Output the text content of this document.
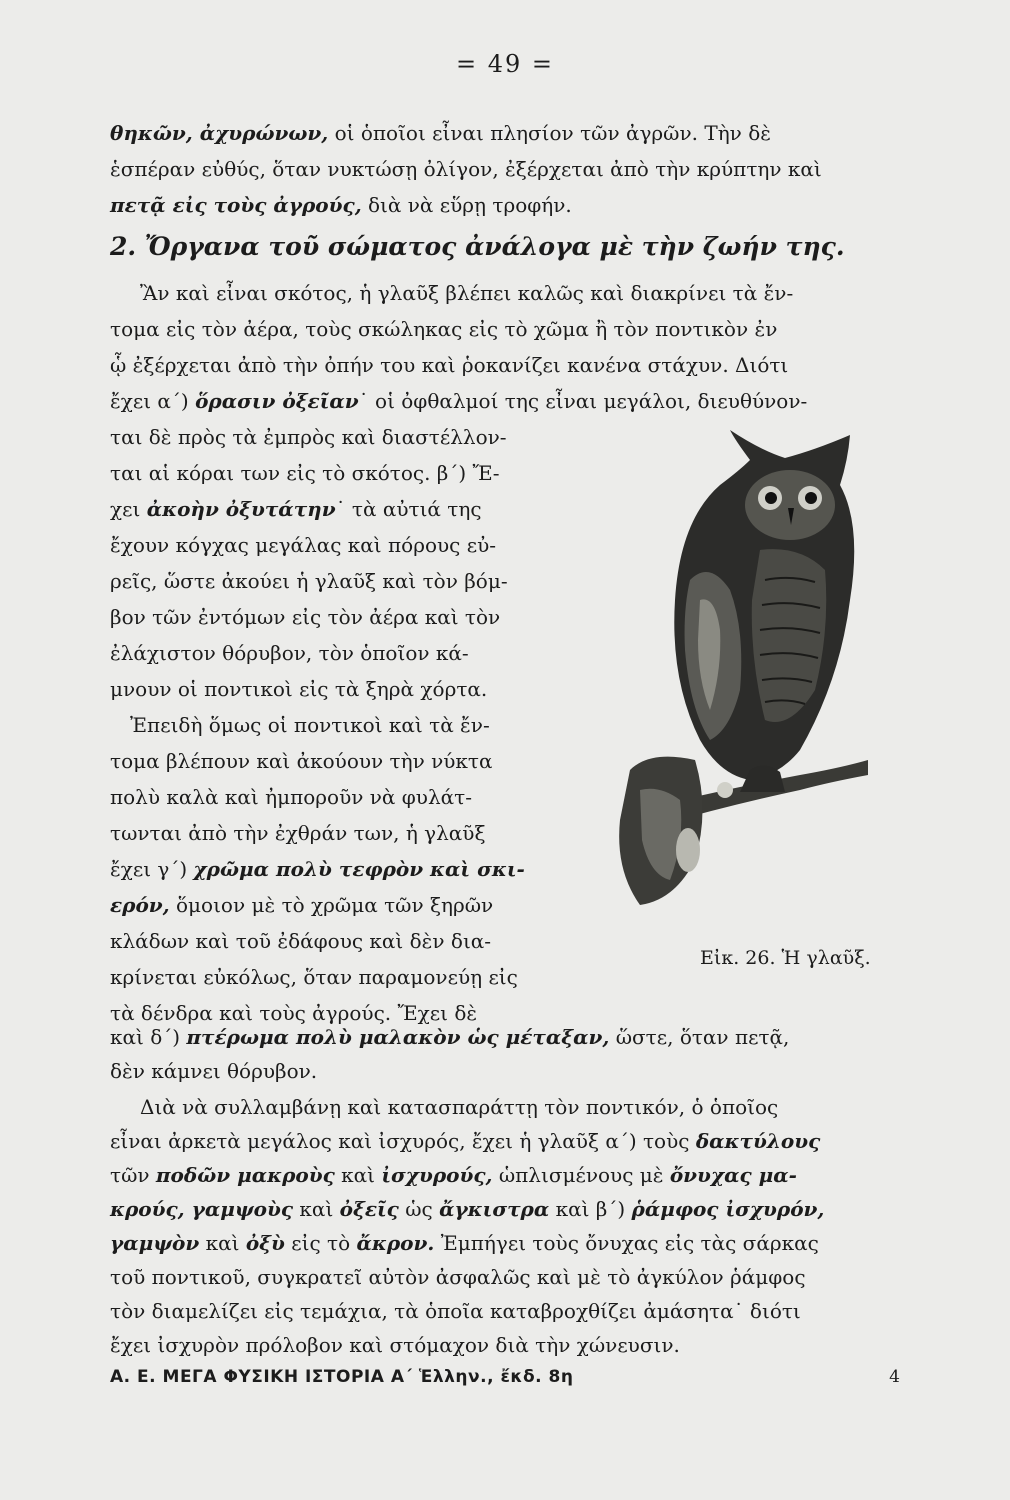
= 49 =
θηκῶν, ἀχυρώνων, οἱ ὁποῖοι εἶναι πλησίον τῶν ἀγρῶν. Τὴν δὲ
ἑσπέραν εὐθύς, ὅταν νυκτώσῃ ὀλίγον, ἐξέρχεται ἀπὸ τὴν κρύπτην καὶ
πετᾷ εἰς τοὺς ἀγρούς, διὰ νὰ εὕρῃ τροφήν.
2. Ὄργανα τοῦ σώματος ἀνάλογα μὲ τὴν ζωήν της.
Ἂν καὶ εἶναι σκότος, ἡ γλαῦξ βλέπει καλῶς καὶ διακρίνει τὰ ἔν-
τομα εἰς τὸν ἀέρα, τοὺς σκώληκας εἰς τὸ χῶμα ἢ τὸν ποντικὸν ἐν
ᾧ ἐξέρχεται ἀπὸ τὴν ὀπήν του καὶ ῥοκανίζει κανένα στάχυν. Διότι
ἔχει α΄) ὅρασιν ὀξεῖαν˙ οἱ ὀφθαλμοί της εἶναι μεγάλοι, διευθύνον-
ται δὲ πρὸς τὰ ἐμπρὸς καὶ διαστέλλον-
ται αἱ κόραι των εἰς τὸ σκότος. β΄) Ἔ-
χει ἀκοὴν ὀξυτάτην˙ τὰ αὐτιά της
ἔχουν κόγχας μεγάλας καὶ πόρους εὐ-
ρεῖς, ὥστε ἀκούει ἡ γλαῦξ καὶ τὸν βόμ-
βον τῶν ἐντόμων εἰς τὸν ἀέρα καὶ τὸν
ἐλάχιστον θόρυβον, τὸν ὁποῖον κά-
μνουν οἱ ποντικοὶ εἰς τὰ ξηρὰ χόρτα.
Ἐπειδὴ ὅμως οἱ ποντικοὶ καὶ τὰ ἔν-
τομα βλέπουν καὶ ἀκούουν τὴν νύκτα
πολὺ καλὰ καὶ ἠμποροῦν νὰ φυλάτ-
τωνται ἀπὸ τὴν ἐχθράν των, ἡ γλαῦξ
ἔχει γ΄) χρῶμα πολὺ τεφρὸν καὶ σκι-
ερόν, ὅμοιον μὲ τὸ χρῶμα τῶν ξηρῶν
κλάδων καὶ τοῦ ἐδάφους καὶ δὲν δια-
κρίνεται εὐκόλως, ὅταν παραμονεύῃ εἰς
τὰ δένδρα καὶ τοὺς ἀγρούς. Ἔχει δὲ
καὶ δ΄) πτέρωμα πολὺ μαλακὸν ὡς μέταξαν, ὥστε, ὅταν πετᾷ,
δὲν κάμνει θόρυβον.
Διὰ νὰ συλλαμβάνῃ καὶ κατασπαράττῃ τὸν ποντικόν, ὁ ὁποῖος
εἶναι ἀρκετὰ μεγάλος καὶ ἰσχυρός, ἔχει ἡ γλαῦξ α΄) τοὺς δακτύλους
τῶν ποδῶν μακροὺς καὶ ἰσχυρούς, ὡπλισμένους μὲ ὄνυχας μα-
κρούς, γαμψοὺς καὶ ὀξεῖς ὡς ἄγκιστρα καὶ β΄) ῥάμφος ἰσχυρόν,
γαμψὸν καὶ ὀξὺ εἰς τὸ ἄκρον. Ἐμπήγει τοὺς ὄνυχας εἰς τὰς σάρκας
τοῦ ποντικοῦ, συγκρατεῖ αὐτὸν ἀσφαλῶς καὶ μὲ τὸ ἀγκύλον ῥάμφος
τὸν διαμελίζει εἰς τεμάχια, τὰ ὁποῖα καταβροχθίζει ἀμάσητα˙ διότι
Εἰκ. 26. Ἡ γλαῦξ.
Α. Ε. ΜΕΓΑ ΦΥΣΙΚΗ ΙΣΤΟΡΙΑ Α΄ Ἑλλην., ἔκδ. 8η	4
ἔχει ἰσχυρὸν πρόλοβον καὶ στόμαχον διὰ τὴν χώνευσιν.
